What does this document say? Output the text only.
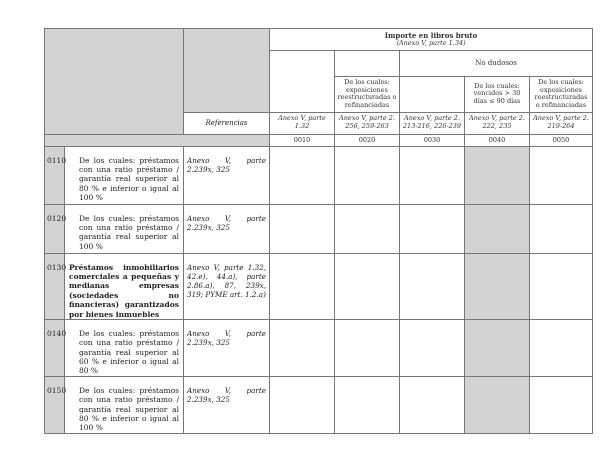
			Importe en libros bruto
(Anexo V, parte 1.34)				

					No dudosos		
				De los cuales: exposiciones reestructuradas o refinanciadas		De los cuales: vencidos > 30 días ≤ 90 días	De los cuales: exposiciones reestructuradas o refinanciadas
		Referencias	Anexo V, parte 1.32	Anexo V, parte 2. 256, 259-263	Anexo V, parte 2. 213-216, 226-239	Anexo V, parte 2. 222, 235	Anexo V, parte 2. 219-264
			0010	0020	0030	0040	0050
0110	De los cuales: préstamos con una ratio préstamo / garantía real superior al 80 % e inferior o igual al 100 %	Anexo V, parte 2.239x, 325					
0120	De los cuales: préstamos con una ratio préstamo / garantía real superior al 100 %	Anexo V, parte 2.239x, 325					
0130	Préstamos inmobiliarios comerciales a pequeñas y medianas empresas (sociedades no financieras) garantizados por bienes inmuebles	Anexo V, parte 1.32, 42.e), 44.a), parte 2.86.a), 87, 239x, 319; PYME art. 1.2.a)					
0140	De los cuales: préstamos con una ratio préstamo / garantía real superior al 60 % e inferior o igual al 80 %	Anexo V, parte 2.239x, 325					
0150	De los cuales: préstamos con una ratio préstamo / garantía real superior al 80 % e inferior o igual al 100 %	Anexo V, parte 2.239x, 325					
